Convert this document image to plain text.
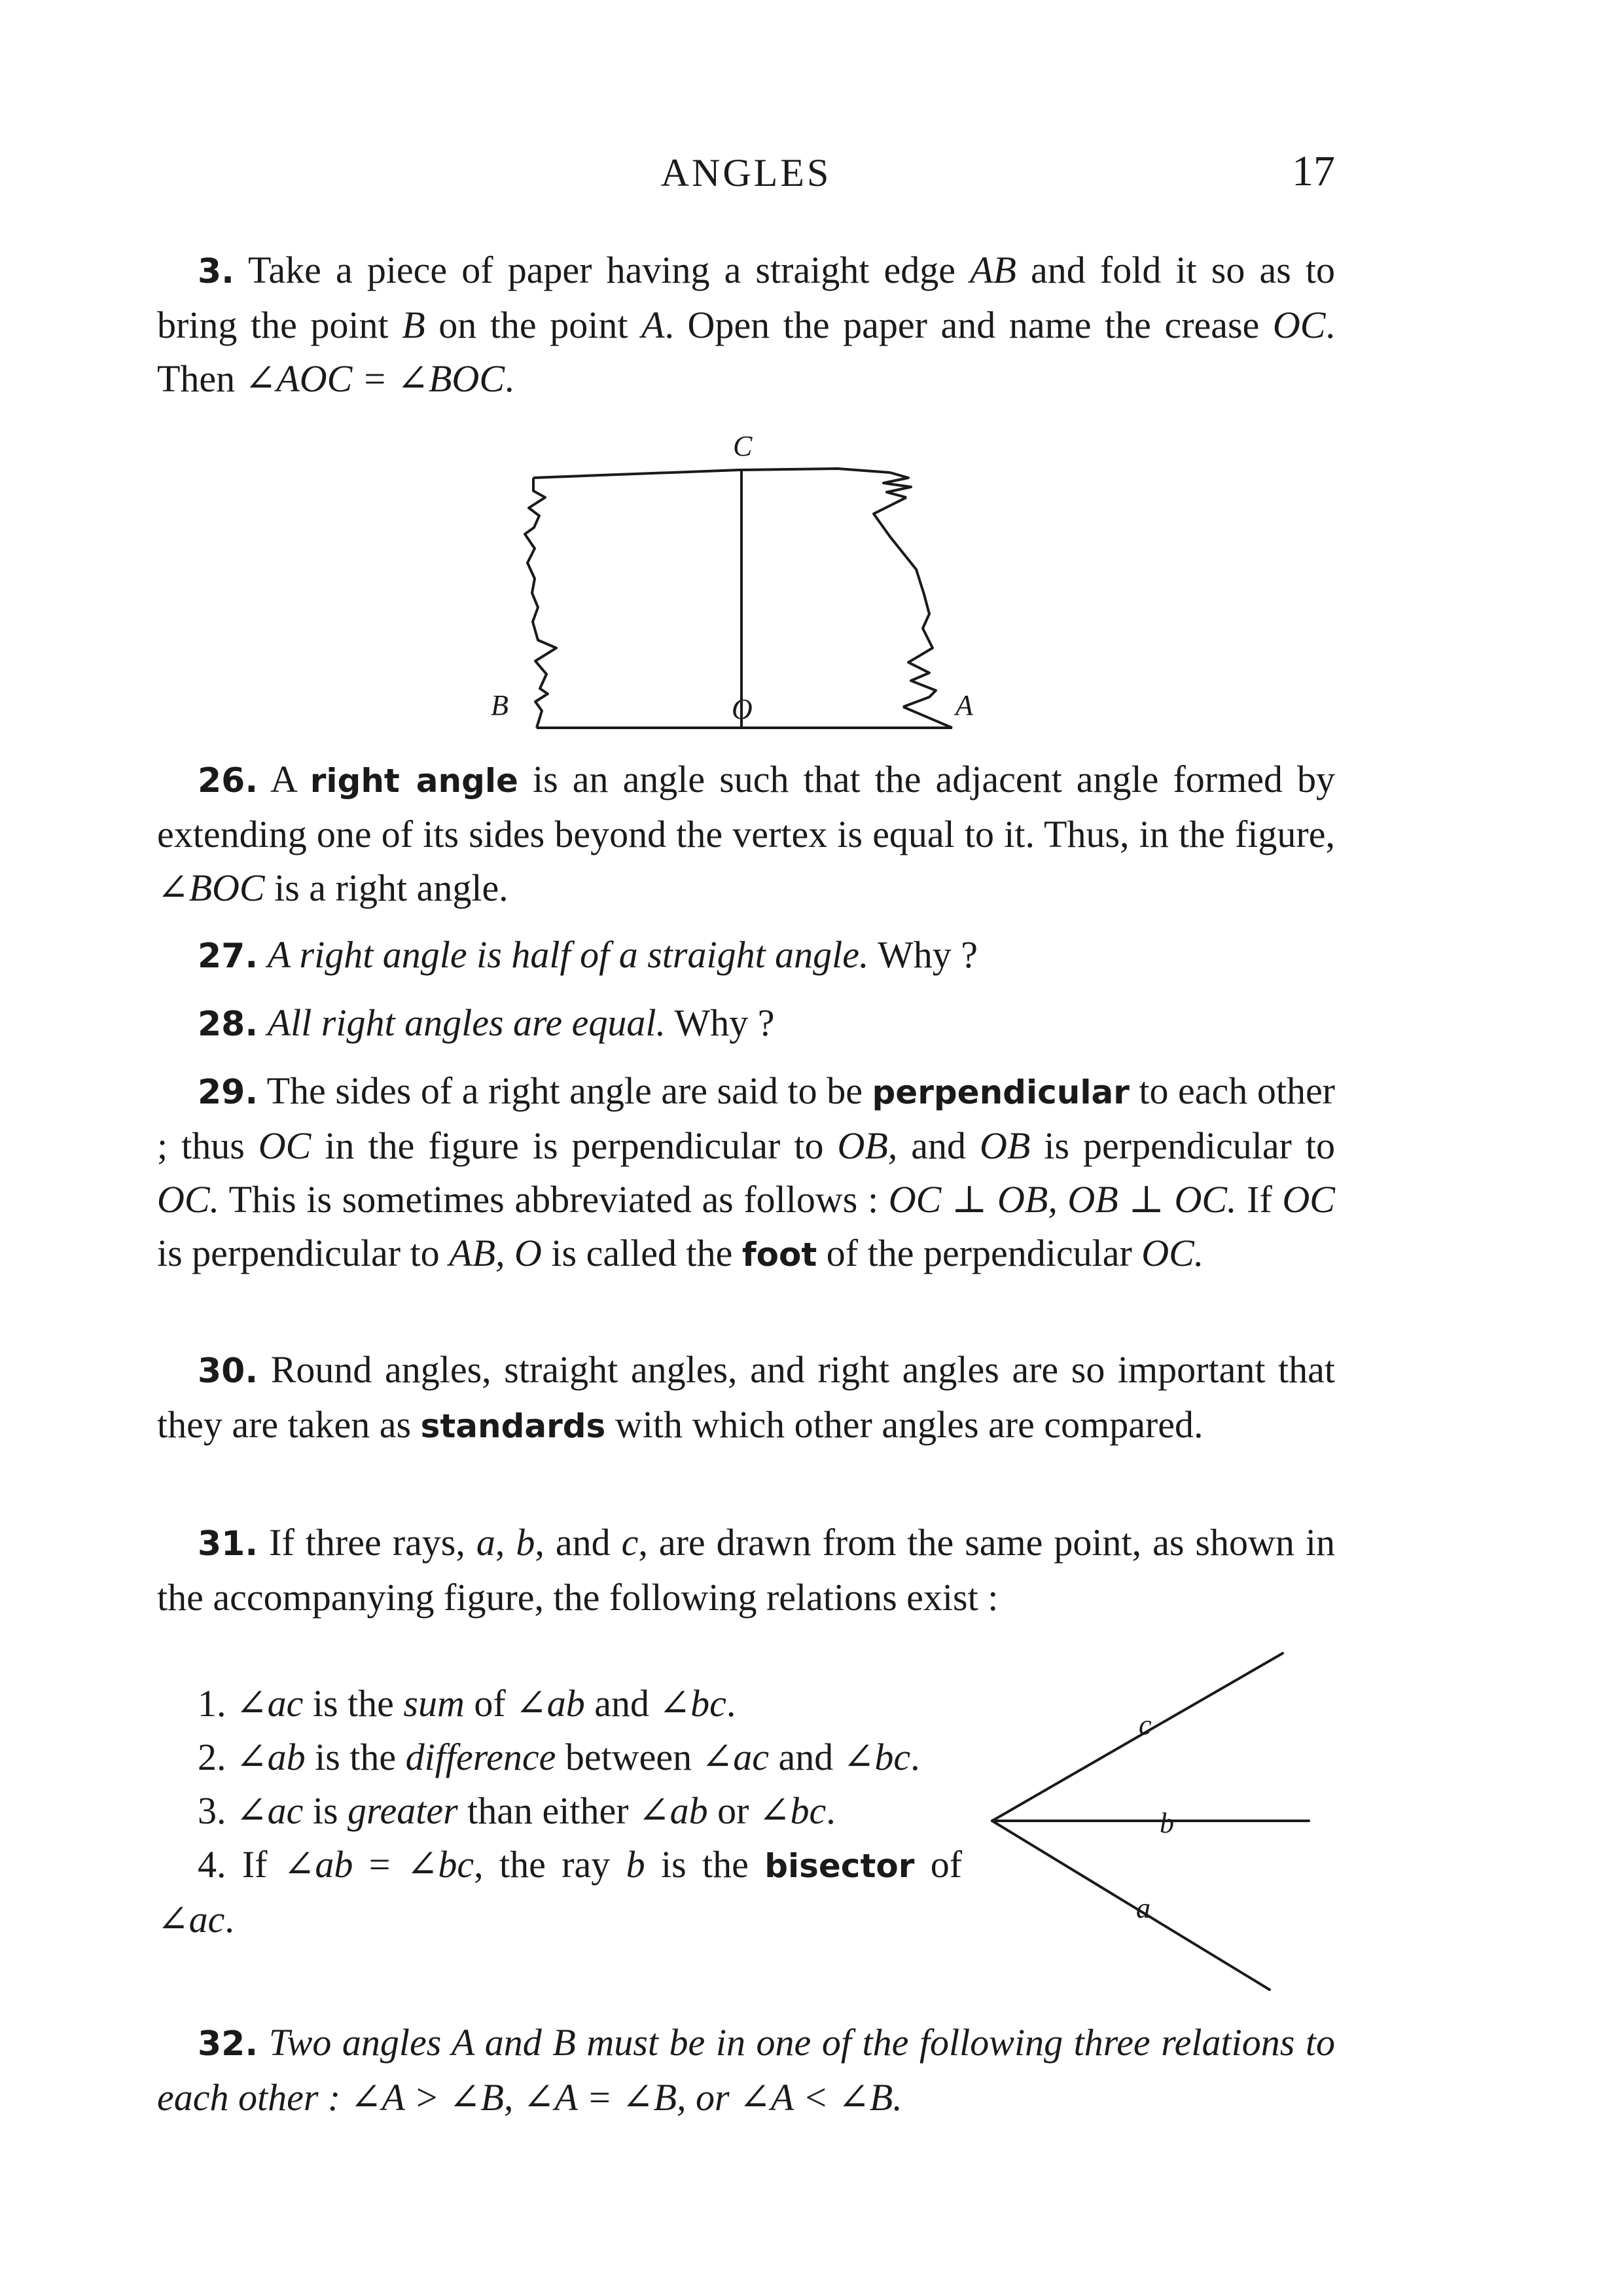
ANGLES	17

3. Take a piece of paper having a straight edge AB and fold it so as to bring the point B on the point A. Open the paper and name the crease OC. Then ∠AOC = ∠BOC.

C
B	O	A

26. A right angle is an angle such that the adjacent angle formed by extending one of its sides beyond the vertex is equal to it. Thus, in the figure, ∠BOC is a right angle.

27. A right angle is half of a straight angle. Why ?

28. All right angles are equal. Why ?

29. The sides of a right angle are said to be perpendicular to each other ; thus OC in the figure is perpendicular to OB, and OB is perpendicular to OC. This is sometimes abbreviated as follows : OC ⊥ OB, OB ⊥ OC. If OC is perpendicular to AB, O is called the foot of the perpendicular OC.

30. Round angles, straight angles, and right angles are so important that they are taken as standards with which other angles are compared.

31. If three rays, a, b, and c, are drawn from the same point, as shown in the accompanying figure, the following relations exist :

1. ∠ac is the sum of ∠ab and ∠bc.
2. ∠ab is the difference between ∠ac and ∠bc.
3. ∠ac is greater than either ∠ab or ∠bc.
4. If ∠ab = ∠bc, the ray b is the bisector of ∠ac.
c
b
a

32. Two angles A and B must be in one of the following three relations to each other : ∠A > ∠B, ∠A = ∠B, or ∠A < ∠B.
